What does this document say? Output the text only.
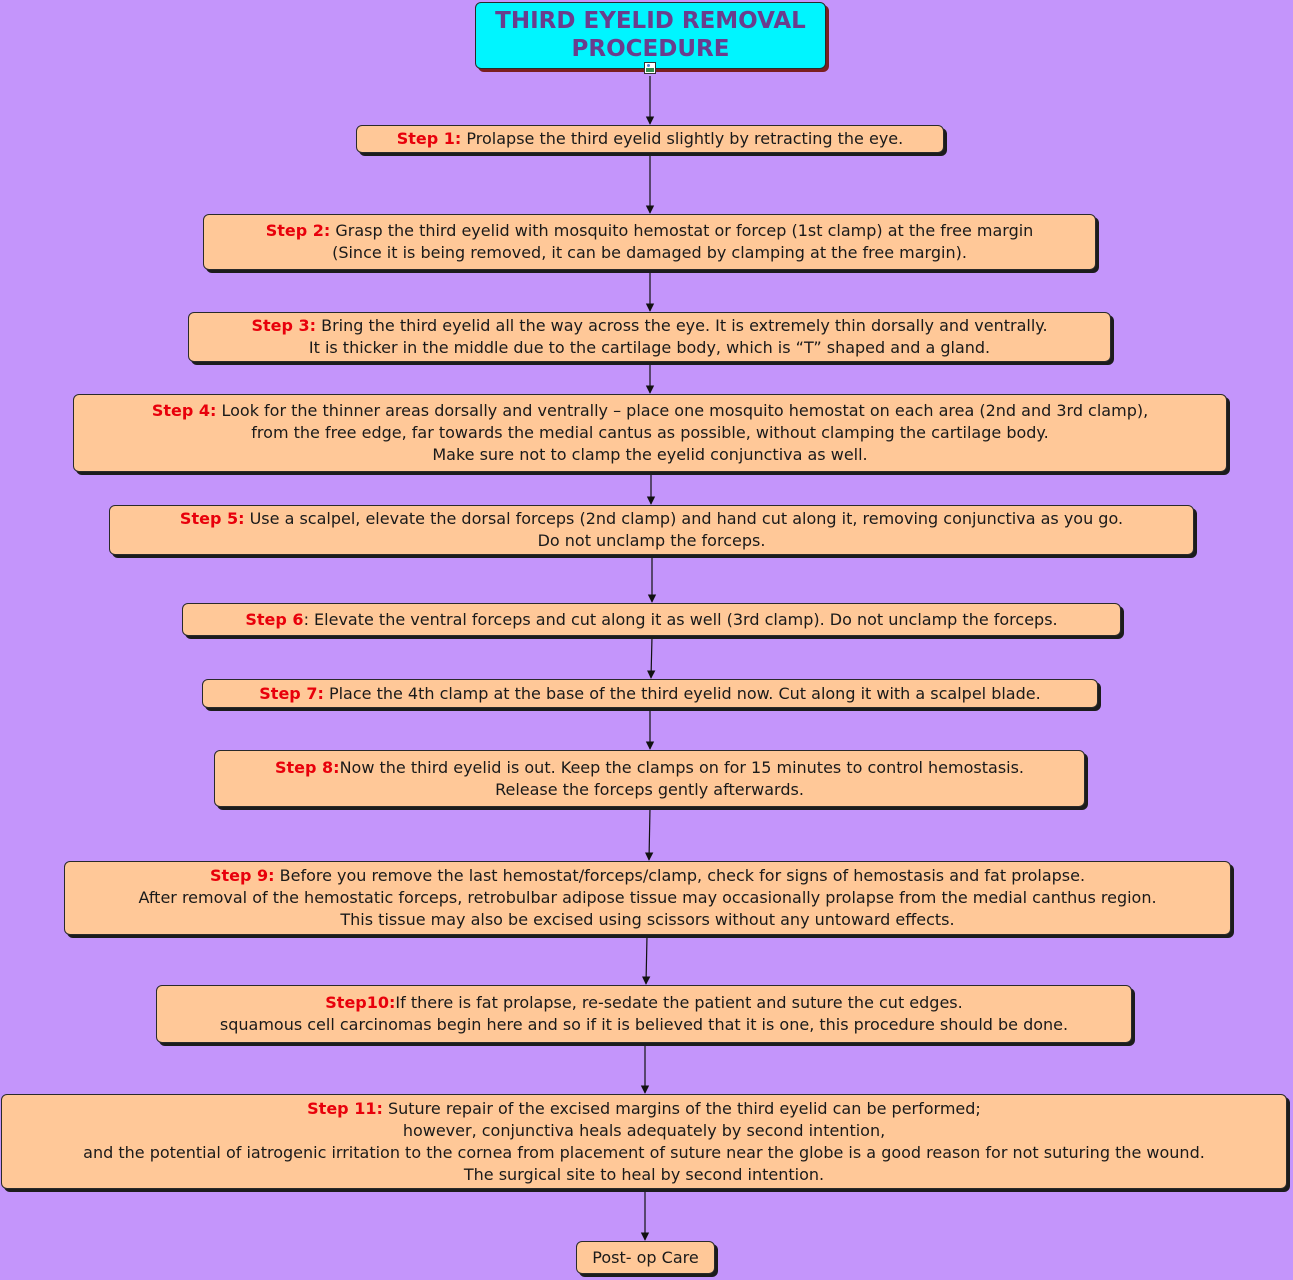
THIRD EYELID REMOVAL
PROCEDURE
Step 1: Prolapse the third eyelid slightly by retracting the eye.
Step 2: Grasp the third eyelid with mosquito hemostat or forcep (1st clamp) at the free margin
(Since it is being removed, it can be damaged by clamping at the free margin).
Step 3: Bring the third eyelid all the way across the eye. It is extremely thin dorsally and ventrally.
It is thicker in the middle due to the cartilage body, which is “T” shaped and a gland.
Step 4: Look for the thinner areas dorsally and ventrally – place one mosquito hemostat on each area (2nd and 3rd clamp),
from the free edge, far towards the medial cantus as possible, without clamping the cartilage body.
Make sure not to clamp the eyelid conjunctiva as well.
Step 5: Use a scalpel, elevate the dorsal forceps (2nd clamp) and hand cut along it, removing conjunctiva as you go.
Do not unclamp the forceps.
Step 6: Elevate the ventral forceps and cut along it as well (3rd clamp). Do not unclamp the forceps.
Step 7: Place the 4th clamp at the base of the third eyelid now. Cut along it with a scalpel blade.
Step 8:Now the third eyelid is out. Keep the clamps on for 15 minutes to control hemostasis.
Release the forceps gently afterwards.
Step 9: Before you remove the last hemostat/forceps/clamp, check for signs of hemostasis and fat prolapse.
After removal of the hemostatic forceps, retrobulbar adipose tissue may occasionally prolapse from the medial canthus region.
This tissue may also be excised using scissors without any untoward effects.
Step10:If there is fat prolapse, re-sedate the patient and suture the cut edges.
squamous cell carcinomas begin here and so if it is believed that it is one, this procedure should be done.
Step 11: Suture repair of the excised margins of the third eyelid can be performed;
however, conjunctiva heals adequately by second intention,
and the potential of iatrogenic irritation to the cornea from placement of suture near the globe is a good reason for not suturing the wound.
The surgical site to heal by second intention.
Post- op Care
